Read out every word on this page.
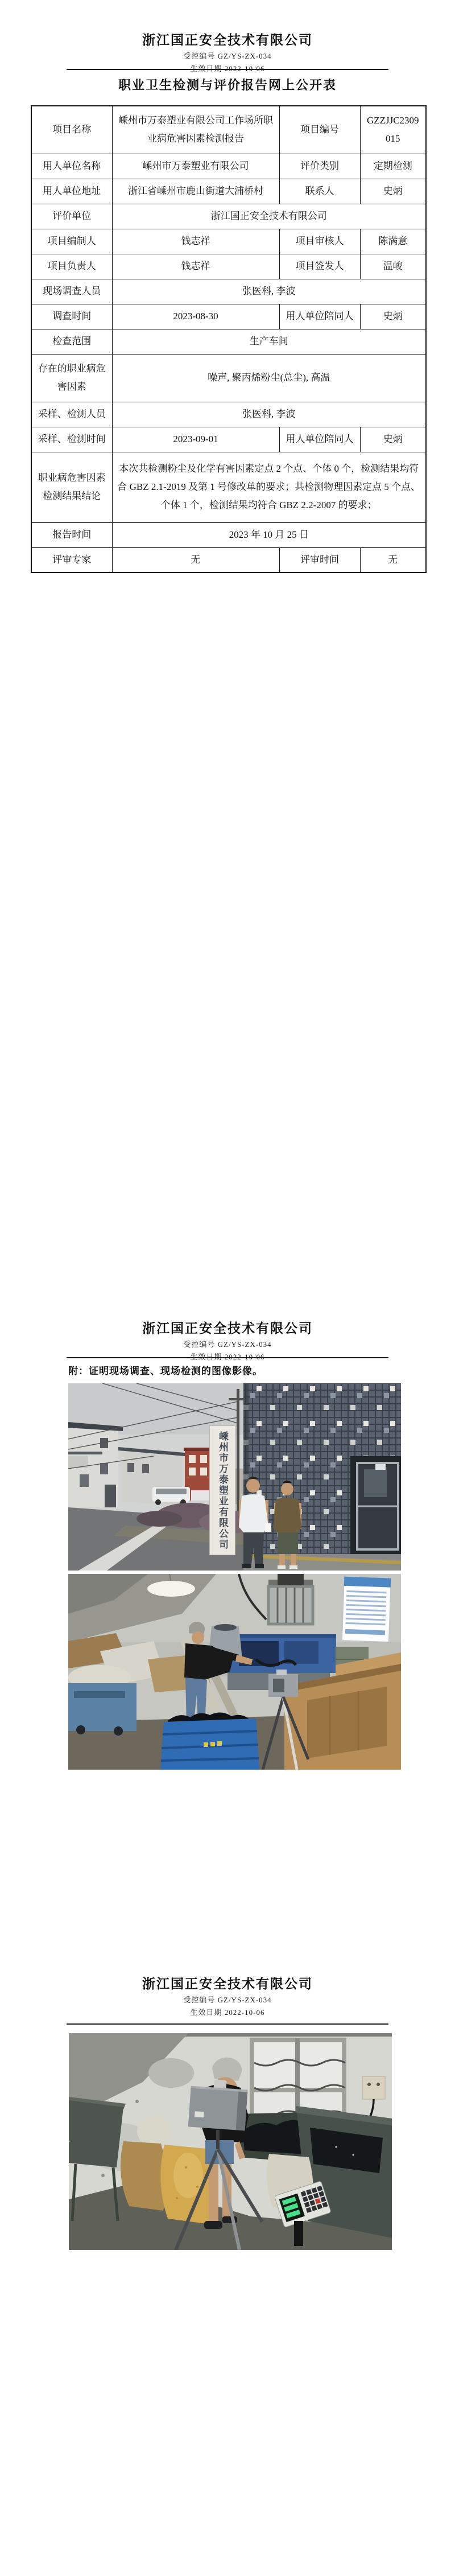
浙江国正安全技术有限公司
受控编号 GZ/YS-ZX-034
职业卫生检测与评价报告网上公开表
项目名称	嵊州市万泰塑业有限公司工作场所职业病危害因素检测报告	项目编号	GZZJJC2309015
用人单位名称	嵊州市万泰塑业有限公司	评价类别	定期检测
用人单位地址	浙江省嵊州市鹿山街道大浦桥村	联系人	史炳
评价单位	浙江国正安全技术有限公司		
项目编制人	钱志祥	项目审核人	陈满意
项目负责人	钱志祥	项目签发人	温峻
现场调查人员	张医科, 李波		
调查时间	2023-08-30	用人单位陪同人	史炳
检查范围	生产车间		
存在的职业病危害因素	噪声, 聚丙烯粉尘(总尘), 高温		
采样、检测人员	张医科, 李波		
采样、检测时间	2023-09-01	用人单位陪同人	史炳
职业病危害因素检测结果结论	本次共检测粉尘及化学有害因素定点 2 个点、个体 0 个，检测结果均符合 GBZ 2.1-2019 及第 1 号修改单的要求；共检测物理因素定点 5 个点、个体 1 个，检测结果均符合 GBZ 2.2-2007 的要求；		
报告时间	2023 年 10 月 25 日		
评审专家	无	评审时间	无
浙江国正安全技术有限公司
受控编号 GZ/YS-ZX-034
附：证明现场调查、现场检测的图像影像。
嵊州市万泰塑业有限公司
浙江国正安全技术有限公司
受控编号 GZ/YS-ZX-034
生效日期 2022-10-06
